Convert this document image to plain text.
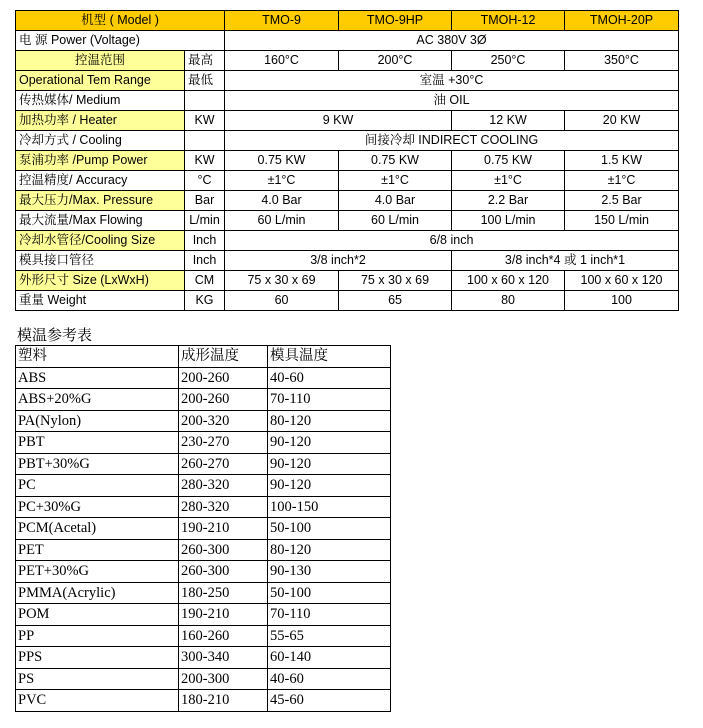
机型 ( Model )		TMO-9	TMO-9HP	TMOH-12	TMOH-20P
电 源 Power (Voltage)		AC 380V 3Ø			
控温范围	最高	160°C	200°C	250°C	350°C
Operational Tem Range	最低	室温 +30°C			
传热媒体/ Medium		油 OIL			
加热功率 / Heater	KW	9 KW		12 KW	20 KW
冷却方式 / Cooling		间接冷却 INDIRECT COOLING			
泵浦功率 /Pump Power	KW	0.75 KW	0.75 KW	0.75 KW	1.5 KW
控温精度/ Accuracy	°C	±1°C	±1°C	±1°C	±1°C
最大压力/Max. Pressure	Bar	4.0 Bar	4.0 Bar	2.2 Bar	2.5 Bar
最大流量/Max Flowing	L/min	60 L/min	60 L/min	100 L/min	150 L/min
冷却水管径/Cooling Size	Inch	6/8 inch			
模具接口管径	Inch	3/8 inch*2		3/8 inch*4 或 1 inch*1	
外形尺寸 Size (LxWxH)	CM	75 x 30 x 69	75 x 30 x 69	100 x 60 x 120	100 x 60 x 120
重量 Weight	KG	60	65	80	100
模温参考表
塑料	成形温度	模具温度
ABS	200-260	40-60
ABS+20%G	200-260	70-110
PA(Nylon)	200-320	80-120
PBT	230-270	90-120
PBT+30%G	260-270	90-120
PC	280-320	90-120
PC+30%G	280-320	100-150
PCM(Acetal)	190-210	50-100
PET	260-300	80-120
PET+30%G	260-300	90-130
PMMA(Acrylic)	180-250	50-100
POM	190-210	70-110
PP	160-260	55-65
PPS	300-340	60-140
PS	200-300	40-60
PVC	180-210	45-60
